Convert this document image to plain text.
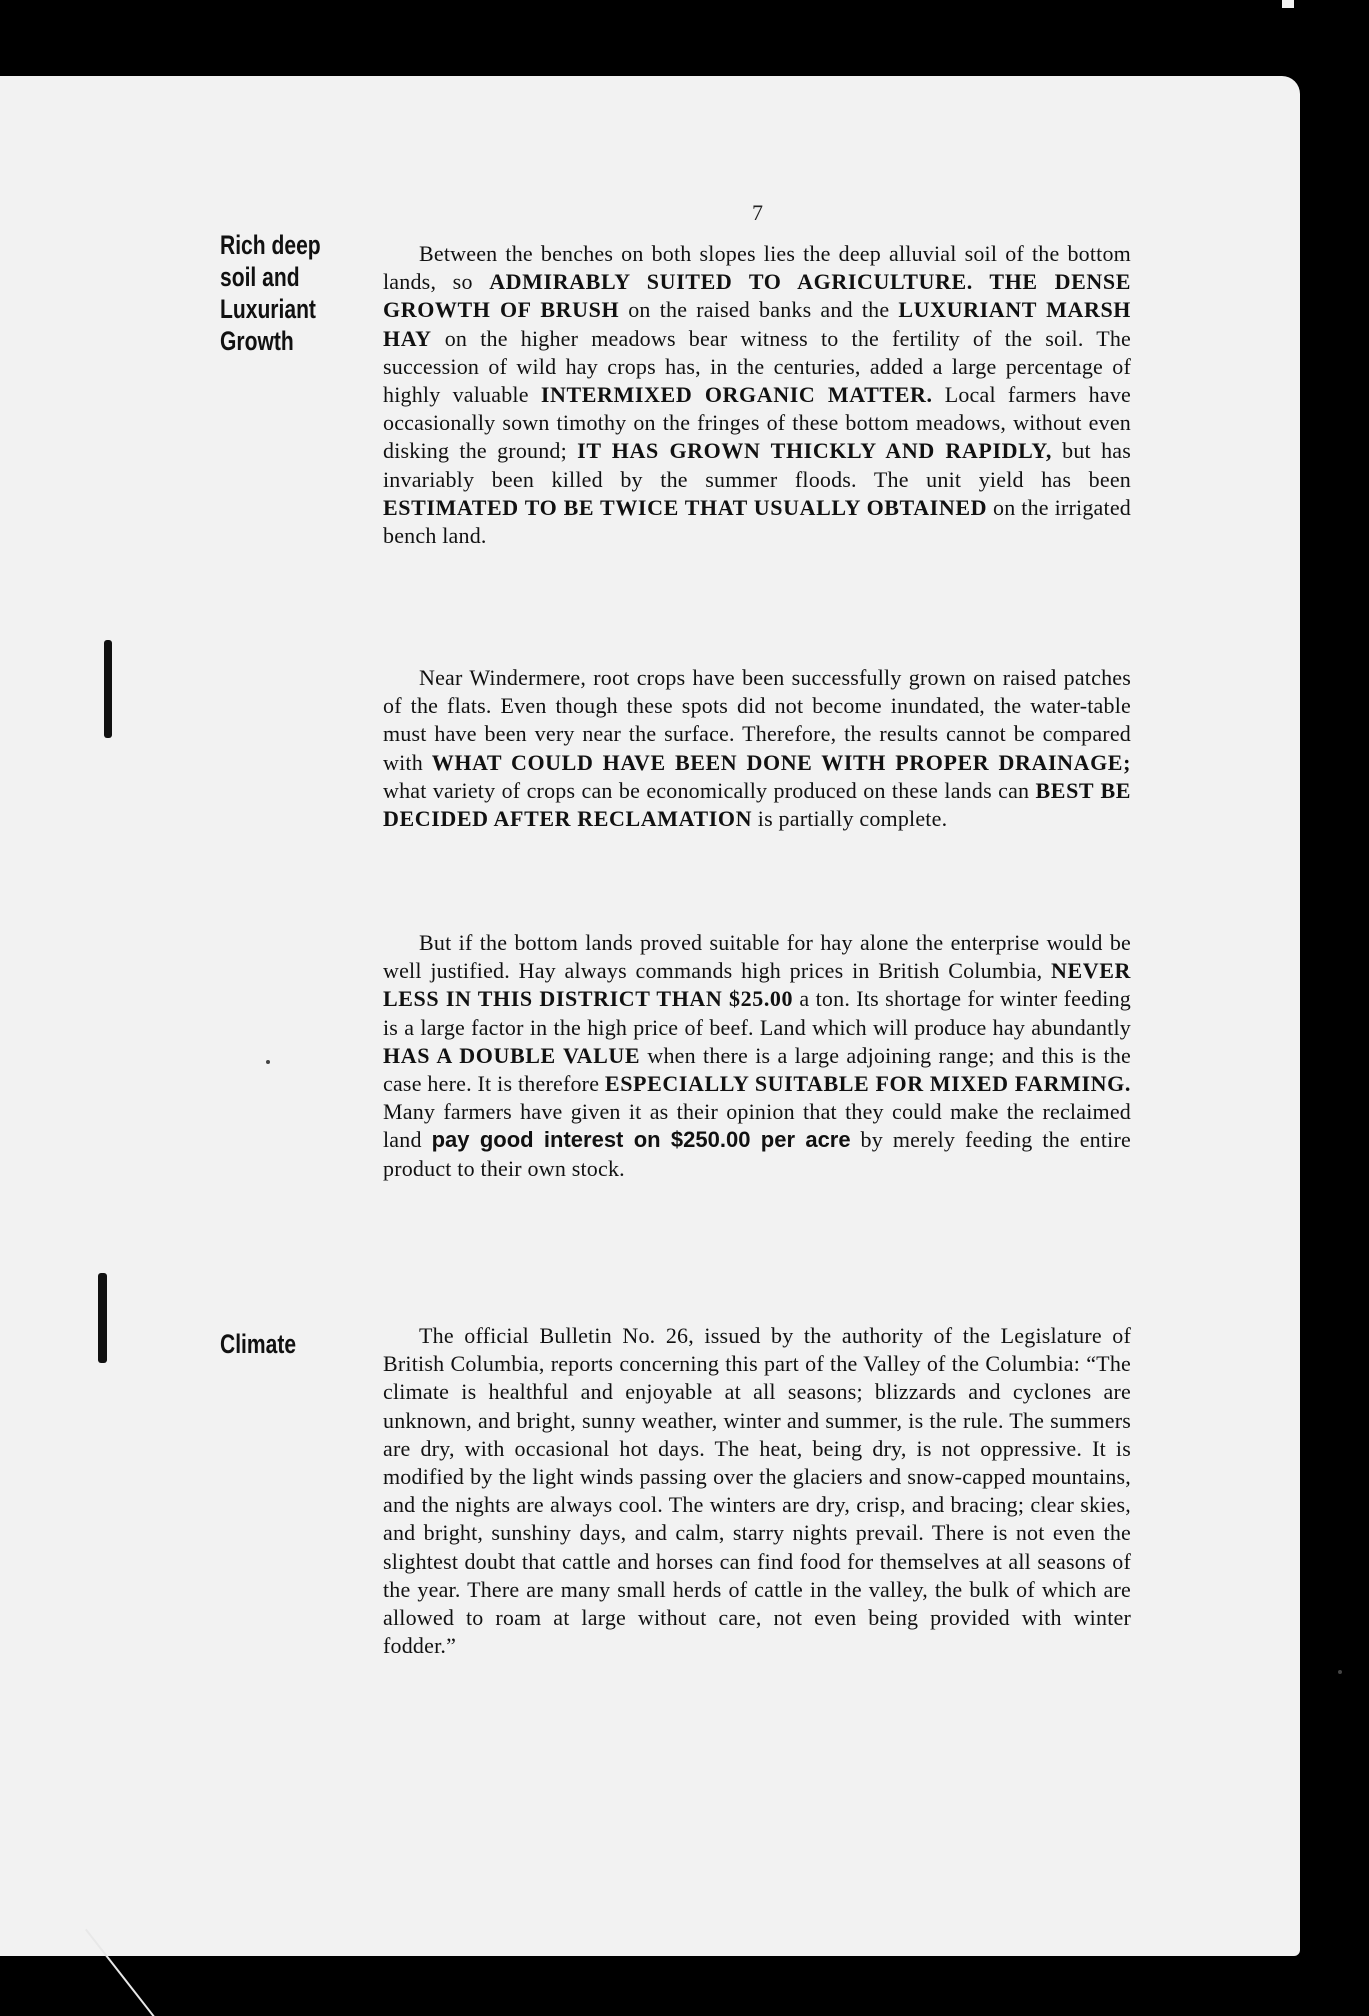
7
Rich deep
soil and
Luxuriant
Growth

Between the benches on both slopes lies the deep alluvial soil of the bottom lands, so ADMIRABLY SUITED TO AGRICULTURE. THE DENSE GROWTH OF BRUSH on the raised banks and the LUXURIANT MARSH HAY on the higher meadows bear witness to the fertility of the soil. The succession of wild hay crops has, in the centuries, added a large percentage of highly valuable INTERMIXED ORGANIC MATTER. Local farmers have occasionally sown timothy on the fringes of these bottom meadows, without even disking the ground; IT HAS GROWN THICKLY AND RAPIDLY, but has invariably been killed by the summer floods. The unit yield has been ESTIMATED TO BE TWICE THAT USUALLY OBTAINED on the irrigated bench land.

Near Windermere, root crops have been successfully grown on raised patches of the flats. Even though these spots did not become inundated, the water-table must have been very near the surface. Therefore, the results cannot be compared with WHAT COULD HAVE BEEN DONE WITH PROPER DRAINAGE; what variety of crops can be economically produced on these lands can BEST BE DECIDED AFTER RECLAMATION is partially complete.

But if the bottom lands proved suitable for hay alone the enterprise would be well justified. Hay always commands high prices in British Columbia, NEVER LESS IN THIS DISTRICT THAN $25.00 a ton. Its shortage for winter feeding is a large factor in the high price of beef. Land which will produce hay abundantly HAS A DOUBLE VALUE when there is a large adjoining range; and this is the case here. It is therefore ESPECIALLY SUITABLE FOR MIXED FARMING. Many farmers have given it as their opinion that they could make the reclaimed land pay good interest on $250.00 per acre by merely feeding the entire product to their own stock.

Climate	The official Bulletin No. 26, issued by the authority of the Legislature of British Columbia, reports concerning this part of the Valley of the Columbia: “The climate is healthful and enjoyable at all seasons; blizzards and cyclones are unknown, and bright, sunny weather, winter and summer, is the rule. The summers are dry, with occasional hot days. The heat, being dry, is not oppressive. It is modified by the light winds passing over the glaciers and snow-capped mountains, and the nights are always cool. The winters are dry, crisp, and bracing; clear skies, and bright, sunshiny days, and calm, starry nights prevail. There is not even the slightest doubt that cattle and horses can find food for themselves at all seasons of the year. There are many small herds of cattle in the valley, the bulk of which are allowed to roam at large without care, not even being provided with winter fodder.”
